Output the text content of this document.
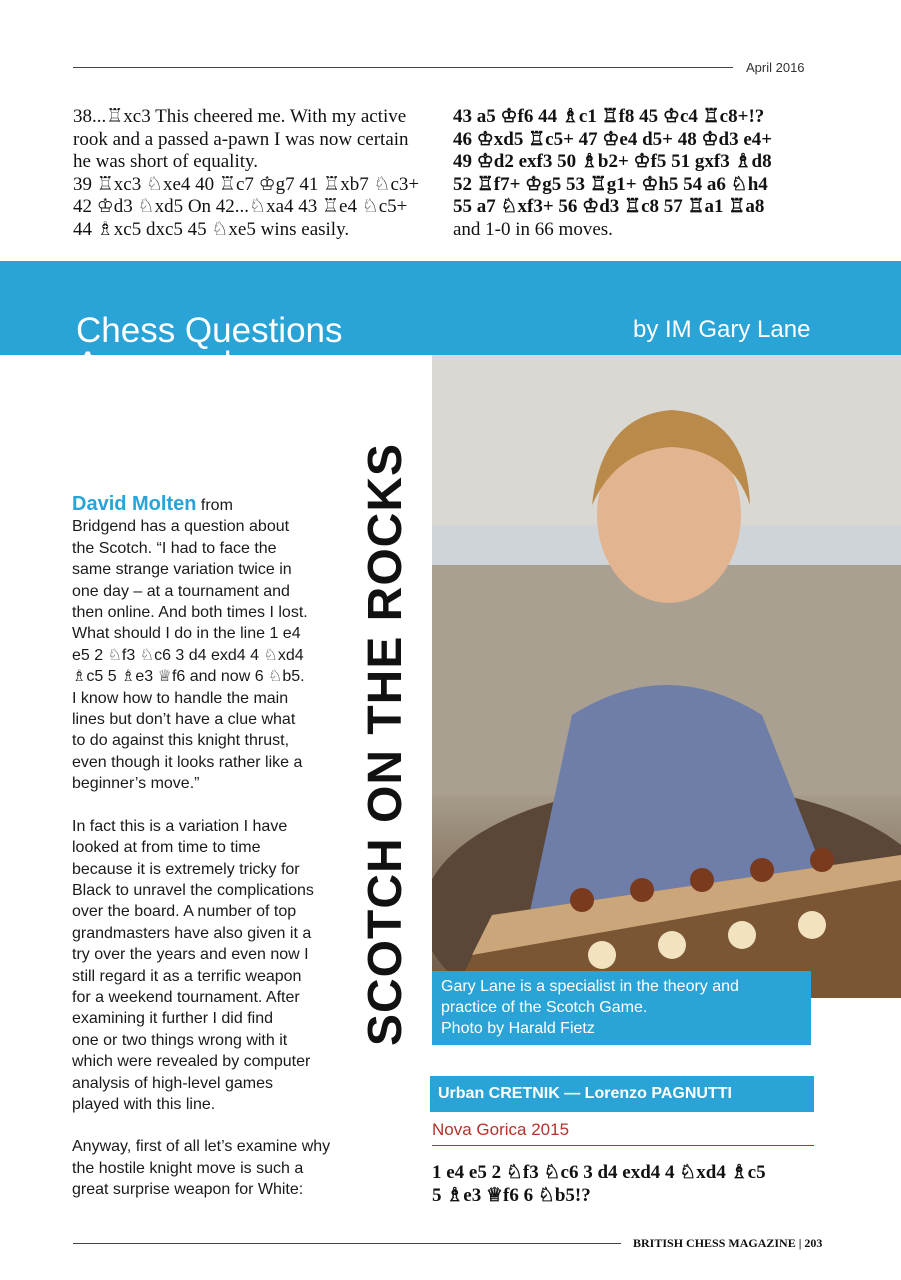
April 2016
38...♖xc3 This cheered me. With my active
rook and a passed a-pawn I was now certain
he was short of equality.
39 ♖xc3 ♘xe4 40 ♖c7 ♔g7 41 ♖xb7 ♘c3+
42 ♔d3 ♘xd5 On 42...♘xa4 43 ♖e4 ♘c5+
44 ♗xc5 dxc5 45 ♘xe5 wins easily.
43 a5 ♔f6 44 ♗c1 ♖f8 45 ♔c4 ♖c8+!?
46 ♔xd5 ♖c5+ 47 ♔e4 d5+ 48 ♔d3 e4+
49 ♔d2 exf3 50 ♗b2+ ♔f5 51 gxf3 ♗d8
52 ♖f7+ ♔g5 53 ♖g1+ ♔h5 54 a6 ♘h4
55 a7 ♘xf3+ 56 ♔d3 ♖c8 57 ♖a1 ♖a8
and 1-0 in 66 moves.
Chess Questions
Answered
by IM Gary Lane
Gary Lane is a specialist in the theory and
practice of the Scotch Game.
Photo by Harald Fietz
SCOTCH ON THE ROCKS

David Molten from
Bridgend has a question about
the Scotch. “I had to face the
same strange variation twice in
one day – at a tournament and
then online. And both times I lost.
What should I do in the line 1 e4
e5 2 ♘f3 ♘c6 3 d4 exd4 4 ♘xd4
♗c5 5 ♗e3 ♕f6 and now 6 ♘b5.
I know how to handle the main
lines but don’t have a clue what
to do against this knight thrust,
even though it looks rather like a
beginner’s move.”

In fact this is a variation I have
looked at from time to time
because it is extremely tricky for
Black to unravel the complications
over the board. A number of top
grandmasters have also given it a
try over the years and even now I
still regard it as a terrific weapon
for a weekend tournament. After
examining it further I did find
one or two things wrong with it
which were revealed by computer
analysis of high-level games
played with this line.

Anyway, first of all let’s examine why
the hostile knight move is such a
great surprise weapon for White:

Urban CRETNIK — Lorenzo PAGNUTTI
Nova Gorica 2015
1 e4 e5 2 ♘f3 ♘c6 3 d4 exd4 4 ♘xd4 ♗c5
5 ♗e3 ♕f6 6 ♘b5!?
BRITISH CHESS MAGAZINE | 203
